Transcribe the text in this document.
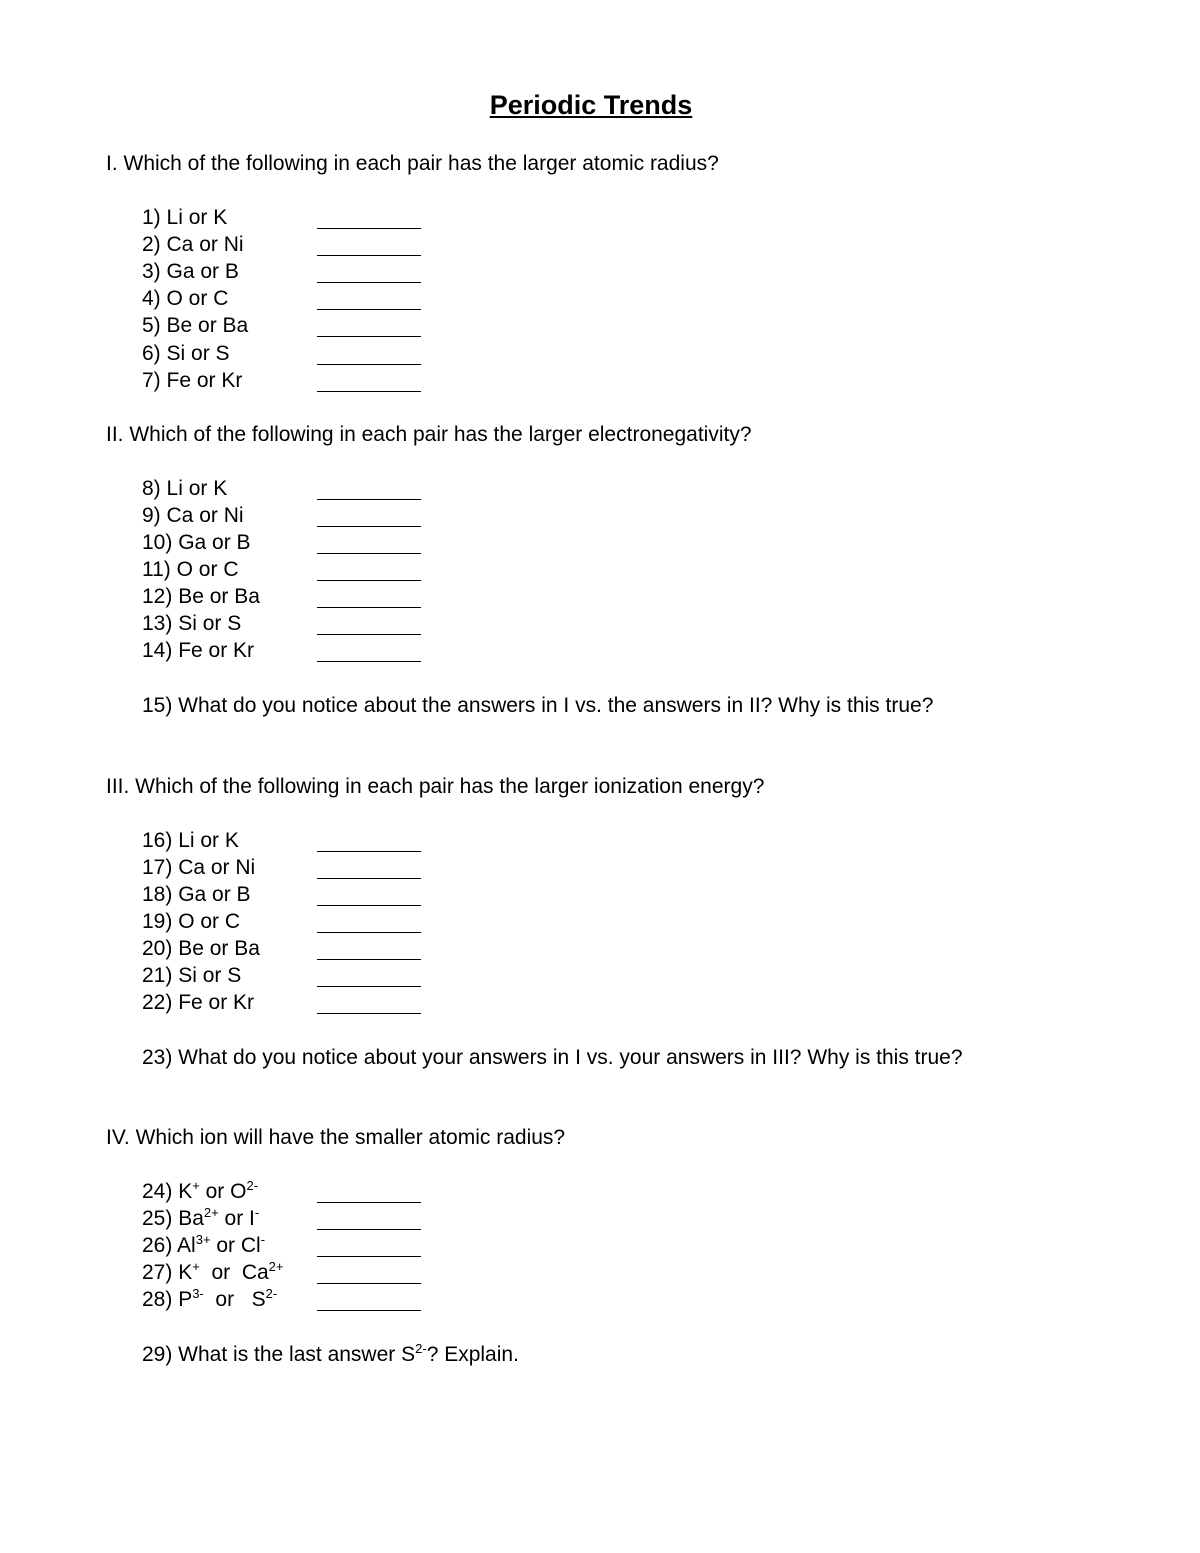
Periodic Trends
I. Which of the following in each pair has the larger atomic radius?
1) Li or K
2) Ca or Ni
3) Ga or B
4) O or C
5) Be or Ba
6) Si or S
7) Fe or Kr
II. Which of the following in each pair has the larger electronegativity?
8) Li or K
9) Ca or Ni
10) Ga or B
11) O or C
12) Be or Ba
13) Si or S
14) Fe or Kr
15) What do you notice about the answers in I vs. the answers in II? Why is this true?
III. Which of the following in each pair has the larger ionization energy?
16) Li or K
17) Ca or Ni
18) Ga or B
19) O or C
20) Be or Ba
21) Si or S
22) Fe or Kr
23) What do you notice about your answers in I vs. your answers in III? Why is this true?
IV. Which ion will have the smaller atomic radius?
24) K+ or $O^{2-}$
25) $Ba^{2+}$ or I-
26) $Al^{3+}$ or Cl-
27) K+  or  $Ca^{2+}$
28) $P^{3-}$  or   $S^{2-}$
29) What is the last answer $S^{2-}$? Explain.
